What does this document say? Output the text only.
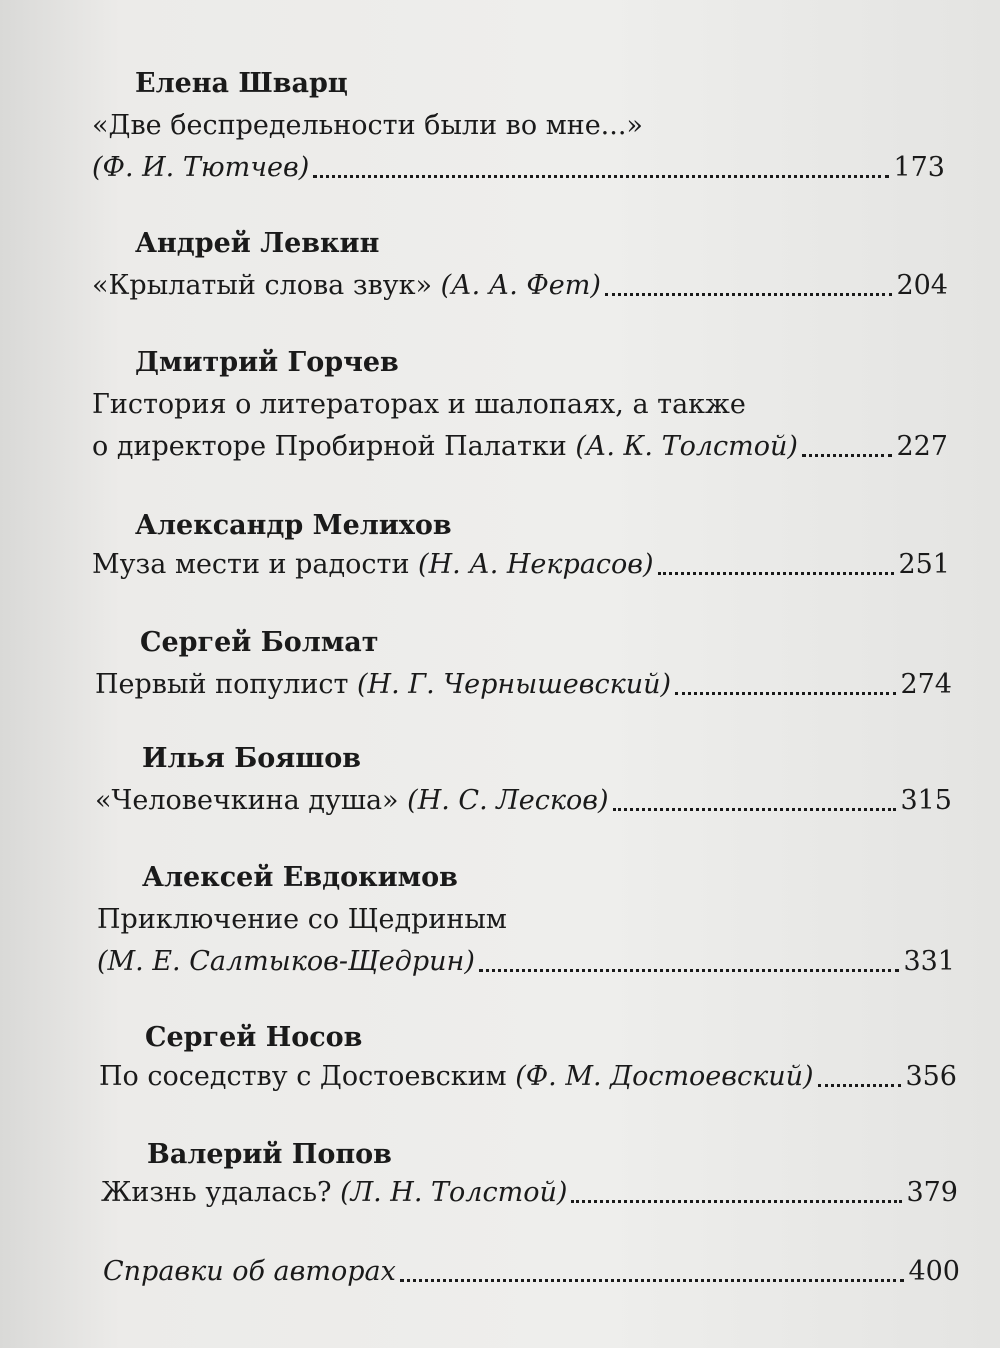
Елена Шварц
«Две беспредельности были во мне...»
(Ф. И. Тютчев)	173
Андрей Левкин
«Крылатый слова звук» (А. А. Фет)	204
Дмитрий Горчев
Гистория о литераторах и шалопаях, а также
о директоре Пробирной Палатки (А. К. Толстой)	227
Александр Мелихов
Муза мести и радости (Н. А. Некрасов)	251
Сергей Болмат
Первый популист (Н. Г. Чернышевский)	274
Илья Бояшов
«Человечкина душа» (Н. С. Лесков)	315
Алексей Евдокимов
Приключение со Щедриным
(М. Е. Салтыков-Щедрин)	331
Сергей Носов
По соседству с Достоевским (Ф. М. Достоевский)	356
Валерий Попов
Жизнь удалась? (Л. Н. Толстой)	379
Справки об авторах	400
